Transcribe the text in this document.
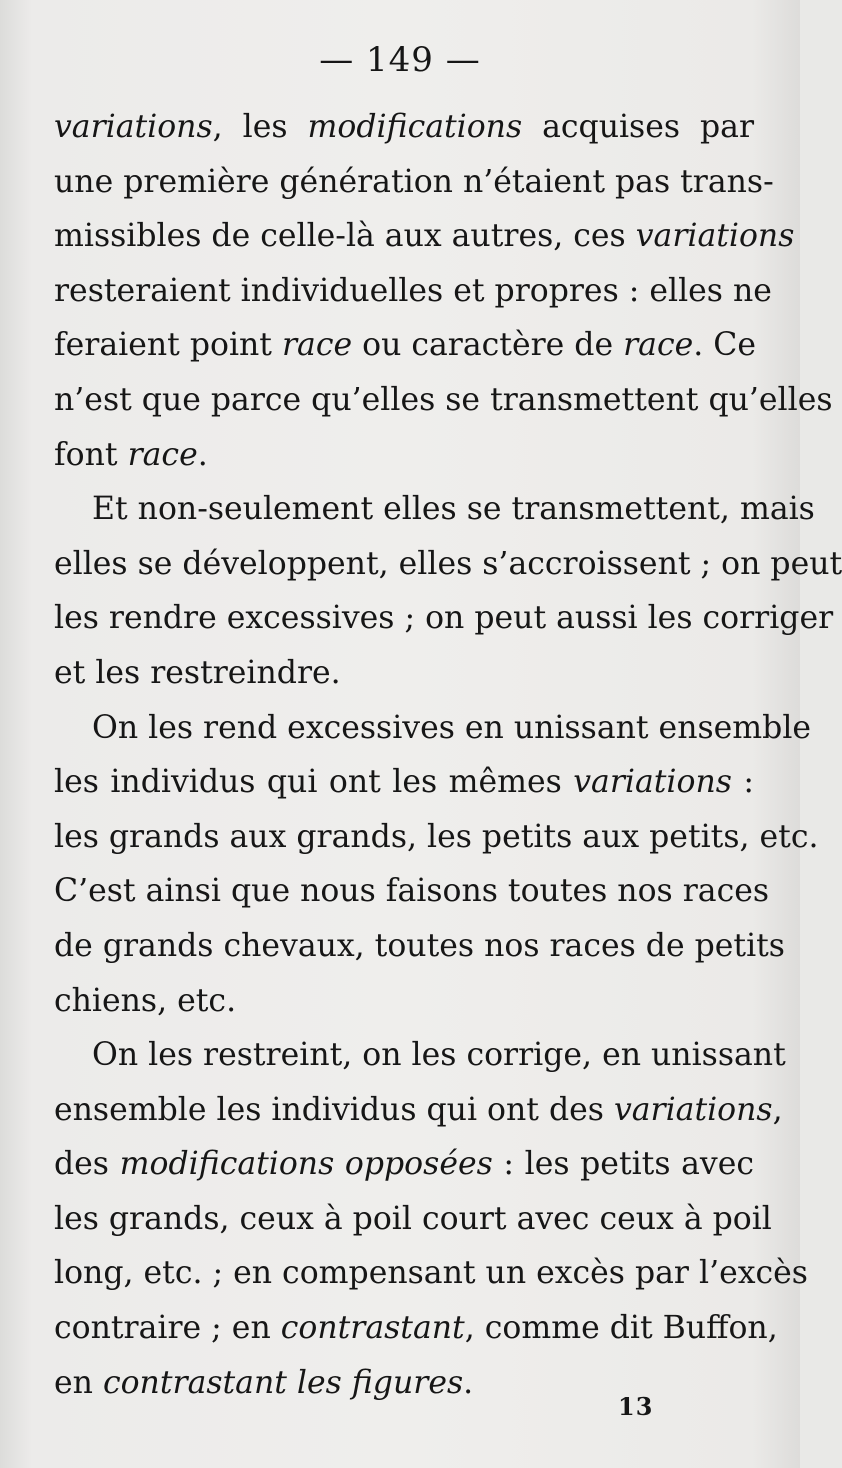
— 149 —
variations, les modifications acquises par
une première génération n’étaient pas trans-
missibles de celle-là aux autres, ces variations
resteraient individuelles et propres : elles ne
feraient point race ou caractère de race. Ce
n’est que parce qu’elles se transmettent qu’elles
font race.
Et non-seulement elles se transmettent, mais
elles se développent, elles s’accroissent ; on peut
les rendre excessives ; on peut aussi les corriger
et les restreindre.
On les rend excessives en unissant ensemble
les individus qui ont les mêmes variations :
les grands aux grands, les petits aux petits, etc.
C’est ainsi que nous faisons toutes nos races
de grands chevaux, toutes nos races de petits
chiens, etc.
On les restreint, on les corrige, en unissant
ensemble les individus qui ont des variations,
des modifications opposées : les petits avec
les grands, ceux à poil court avec ceux à poil
long, etc. ; en compensant un excès par l’excès
contraire ; en contrastant, comme dit Buffon,
en contrastant les figures.
13
